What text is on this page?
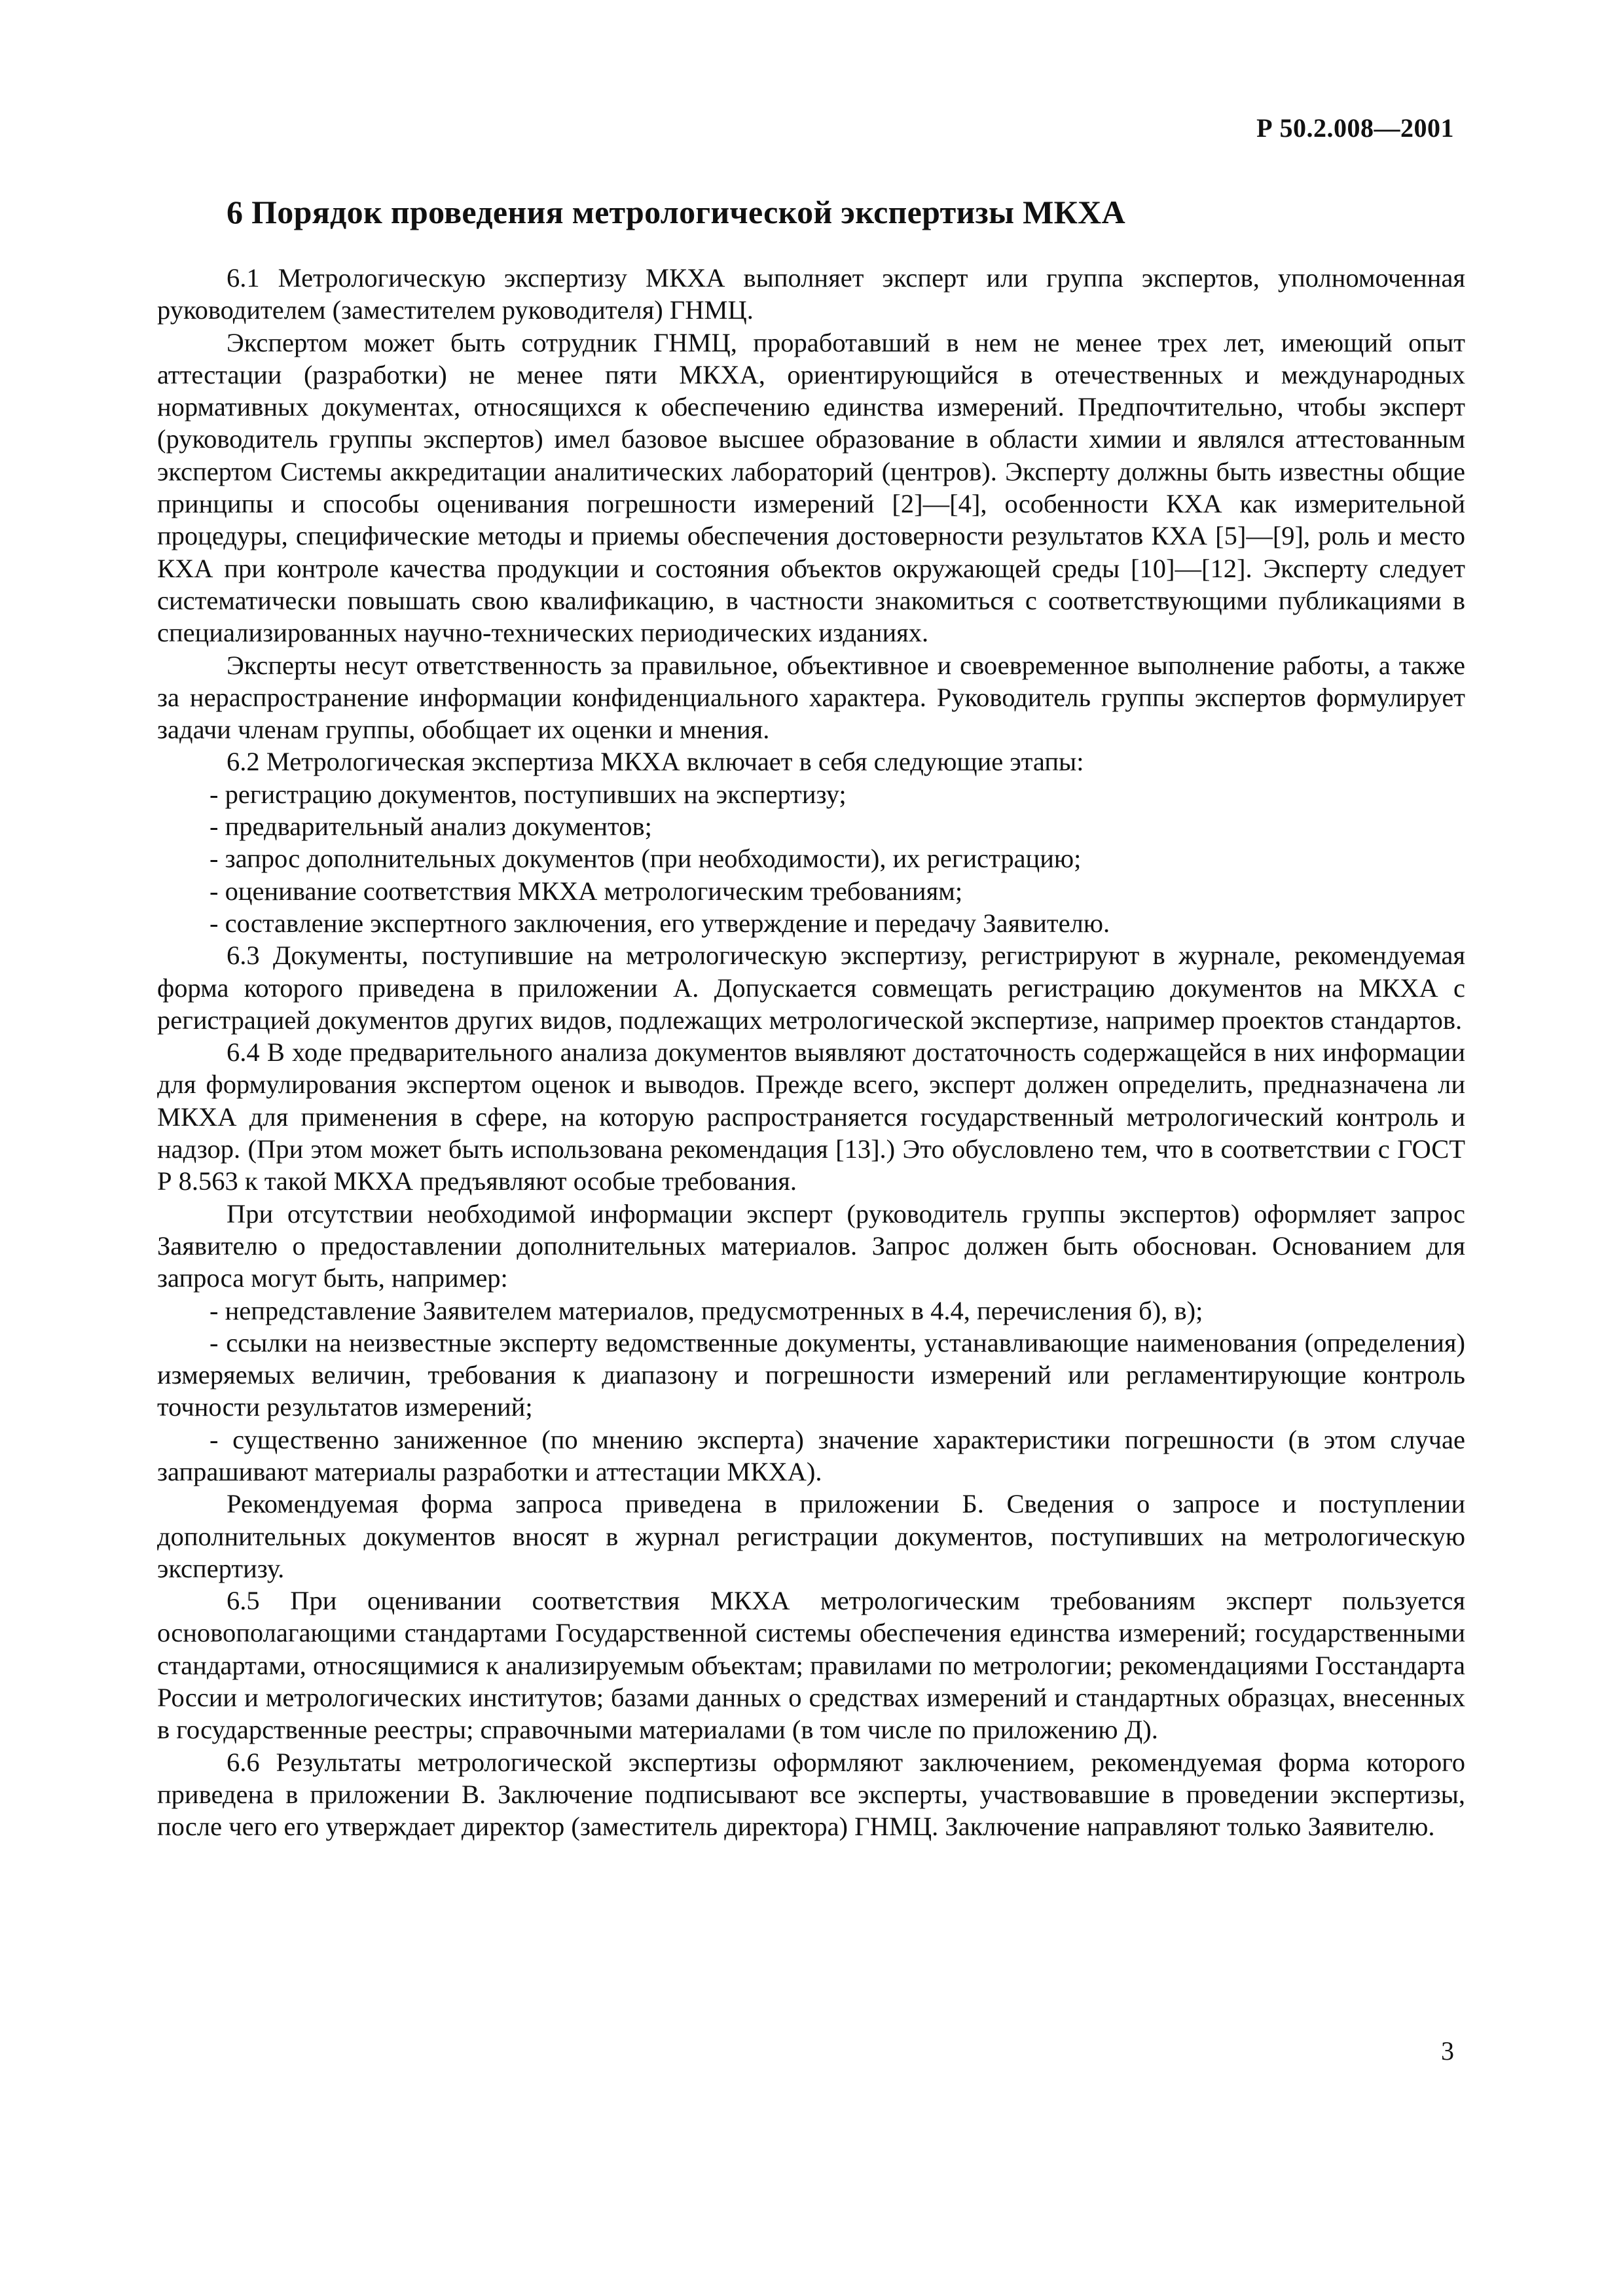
Р 50.2.008—2001
6 Порядок проведения метрологической экспертизы МКХА

6.1 Метрологическую экспертизу МКХА выполняет эксперт или группа экспертов, уполномоченная руководителем (заместителем руководителя) ГНМЦ.

Экспертом может быть сотрудник ГНМЦ, проработавший в нем не менее трех лет, имеющий опыт аттестации (разработки) не менее пяти МКХА, ориентирующийся в отечественных и международных нормативных документах, относящихся к обеспечению единства измерений. Предпочтительно, чтобы эксперт (руководитель группы экспертов) имел базовое высшее образование в области химии и являлся аттестованным экспертом Системы аккредитации аналитических лабораторий (центров). Эксперту должны быть известны общие принципы и способы оценивания погрешности измерений [2]—[4], особенности КХА как измерительной процедуры, специфические методы и приемы обеспечения достоверности результатов КХА [5]—[9], роль и место КХА при контроле качества продукции и состояния объектов окружающей среды [10]—[12]. Эксперту следует систематически повышать свою квалификацию, в частности знакомиться с соответствующими публикациями в специализированных научно-технических периодических изданиях.

Эксперты несут ответственность за правильное, объективное и своевременное выполнение работы, а также за нераспространение информации конфиденциального характера. Руководитель группы экспертов формулирует задачи членам группы, обобщает их оценки и мнения.

6.2 Метрологическая экспертиза МКХА включает в себя следующие этапы:

- регистрацию документов, поступивших на экспертизу;

- предварительный анализ документов;

- запрос дополнительных документов (при необходимости), их регистрацию;

- оценивание соответствия МКХА метрологическим требованиям;

- составление экспертного заключения, его утверждение и передачу Заявителю.

6.3 Документы, поступившие на метрологическую экспертизу, регистрируют в журнале, рекомендуемая форма которого приведена в приложении А. Допускается совмещать регистрацию документов на МКХА с регистрацией документов других видов, подлежащих метрологической экспертизе, например проектов стандартов.

6.4 В ходе предварительного анализа документов выявляют достаточность содержащейся в них информации для формулирования экспертом оценок и выводов. Прежде всего, эксперт должен определить, предназначена ли МКХА для применения в сфере, на которую распространяется государственный метрологический контроль и надзор. (При этом может быть использована рекомендация [13].) Это обусловлено тем, что в соответствии с ГОСТ Р 8.563 к такой МКХА предъявляют особые требования.

При отсутствии необходимой информации эксперт (руководитель группы экспертов) оформляет запрос Заявителю о предоставлении дополнительных материалов. Запрос должен быть обоснован. Основанием для запроса могут быть, например:

- непредставление Заявителем материалов, предусмотренных в 4.4, перечисления б), в);

- ссылки на неизвестные эксперту ведомственные документы, устанавливающие наименования (определения) измеряемых величин, требования к диапазону и погрешности измерений или регламентирующие контроль точности результатов измерений;

- существенно заниженное (по мнению эксперта) значение характеристики погрешности (в этом случае запрашивают материалы разработки и аттестации МКХА).

Рекомендуемая форма запроса приведена в приложении Б. Сведения о запросе и поступлении дополнительных документов вносят в журнал регистрации документов, поступивших на метрологическую экспертизу.

6.5 При оценивании соответствия МКХА метрологическим требованиям эксперт пользуется основополагающими стандартами Государственной системы обеспечения единства измерений; государственными стандартами, относящимися к анализируемым объектам; правилами по метрологии; рекомендациями Госстандарта России и метрологических институтов; базами данных о средствах измерений и стандартных образцах, внесенных в государственные реестры; справочными материалами (в том числе по приложению Д).

6.6 Результаты метрологической экспертизы оформляют заключением, рекомендуемая форма которого приведена в приложении В. Заключение подписывают все эксперты, участвовавшие в проведении экспертизы, после чего его утверждает директор (заместитель директора) ГНМЦ. Заключение направляют только Заявителю.

3
